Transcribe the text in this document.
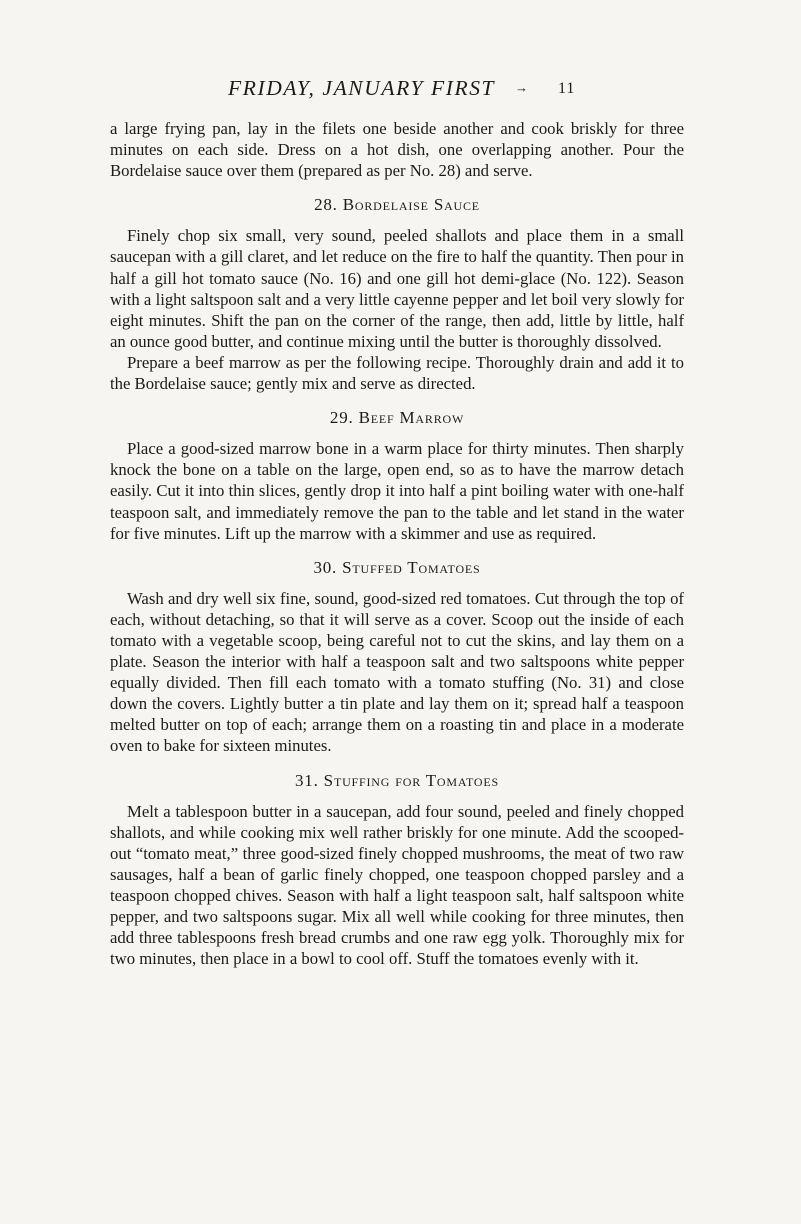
FRIDAY, JANUARY FIRST → 11

a large frying pan, lay in the filets one beside another and cook briskly for three minutes on each side. Dress on a hot dish, one overlapping another. Pour the Bordelaise sauce over them (prepared as per No. 28) and serve.

28. Bordelaise Sauce

Finely chop six small, very sound, peeled shallots and place them in a small saucepan with a gill claret, and let reduce on the fire to half the quantity. Then pour in half a gill hot tomato sauce (No. 16) and one gill hot demi-glace (No. 122). Season with a light saltspoon salt and a very little cayenne pepper and let boil very slowly for eight minutes. Shift the pan on the corner of the range, then add, little by little, half an ounce good butter, and continue mixing until the butter is thoroughly dissolved.

Prepare a beef marrow as per the following recipe. Thoroughly drain and add it to the Bordelaise sauce; gently mix and serve as directed.

29. Beef Marrow

Place a good-sized marrow bone in a warm place for thirty minutes. Then sharply knock the bone on a table on the large, open end, so as to have the marrow detach easily. Cut it into thin slices, gently drop it into half a pint boiling water with one-half teaspoon salt, and immediately remove the pan to the table and let stand in the water for five minutes. Lift up the marrow with a skimmer and use as required.

30. Stuffed Tomatoes

Wash and dry well six fine, sound, good-sized red tomatoes. Cut through the top of each, without detaching, so that it will serve as a cover. Scoop out the inside of each tomato with a vegetable scoop, being careful not to cut the skins, and lay them on a plate. Season the interior with half a teaspoon salt and two saltspoons white pepper equally divided. Then fill each tomato with a tomato stuffing (No. 31) and close down the covers. Lightly butter a tin plate and lay them on it; spread half a teaspoon melted butter on top of each; arrange them on a roasting tin and place in a moderate oven to bake for sixteen minutes.

31. Stuffing for Tomatoes

Melt a tablespoon butter in a saucepan, add four sound, peeled and finely chopped shallots, and while cooking mix well rather briskly for one minute. Add the scooped-out “tomato meat,” three good-sized finely chopped mushrooms, the meat of two raw sausages, half a bean of garlic finely chopped, one teaspoon chopped parsley and a teaspoon chopped chives. Season with half a light teaspoon salt, half saltspoon white pepper, and two saltspoons sugar. Mix all well while cooking for three minutes, then add three tablespoons fresh bread crumbs and one raw egg yolk. Thoroughly mix for two minutes, then place in a bowl to cool off. Stuff the tomatoes evenly with it.
